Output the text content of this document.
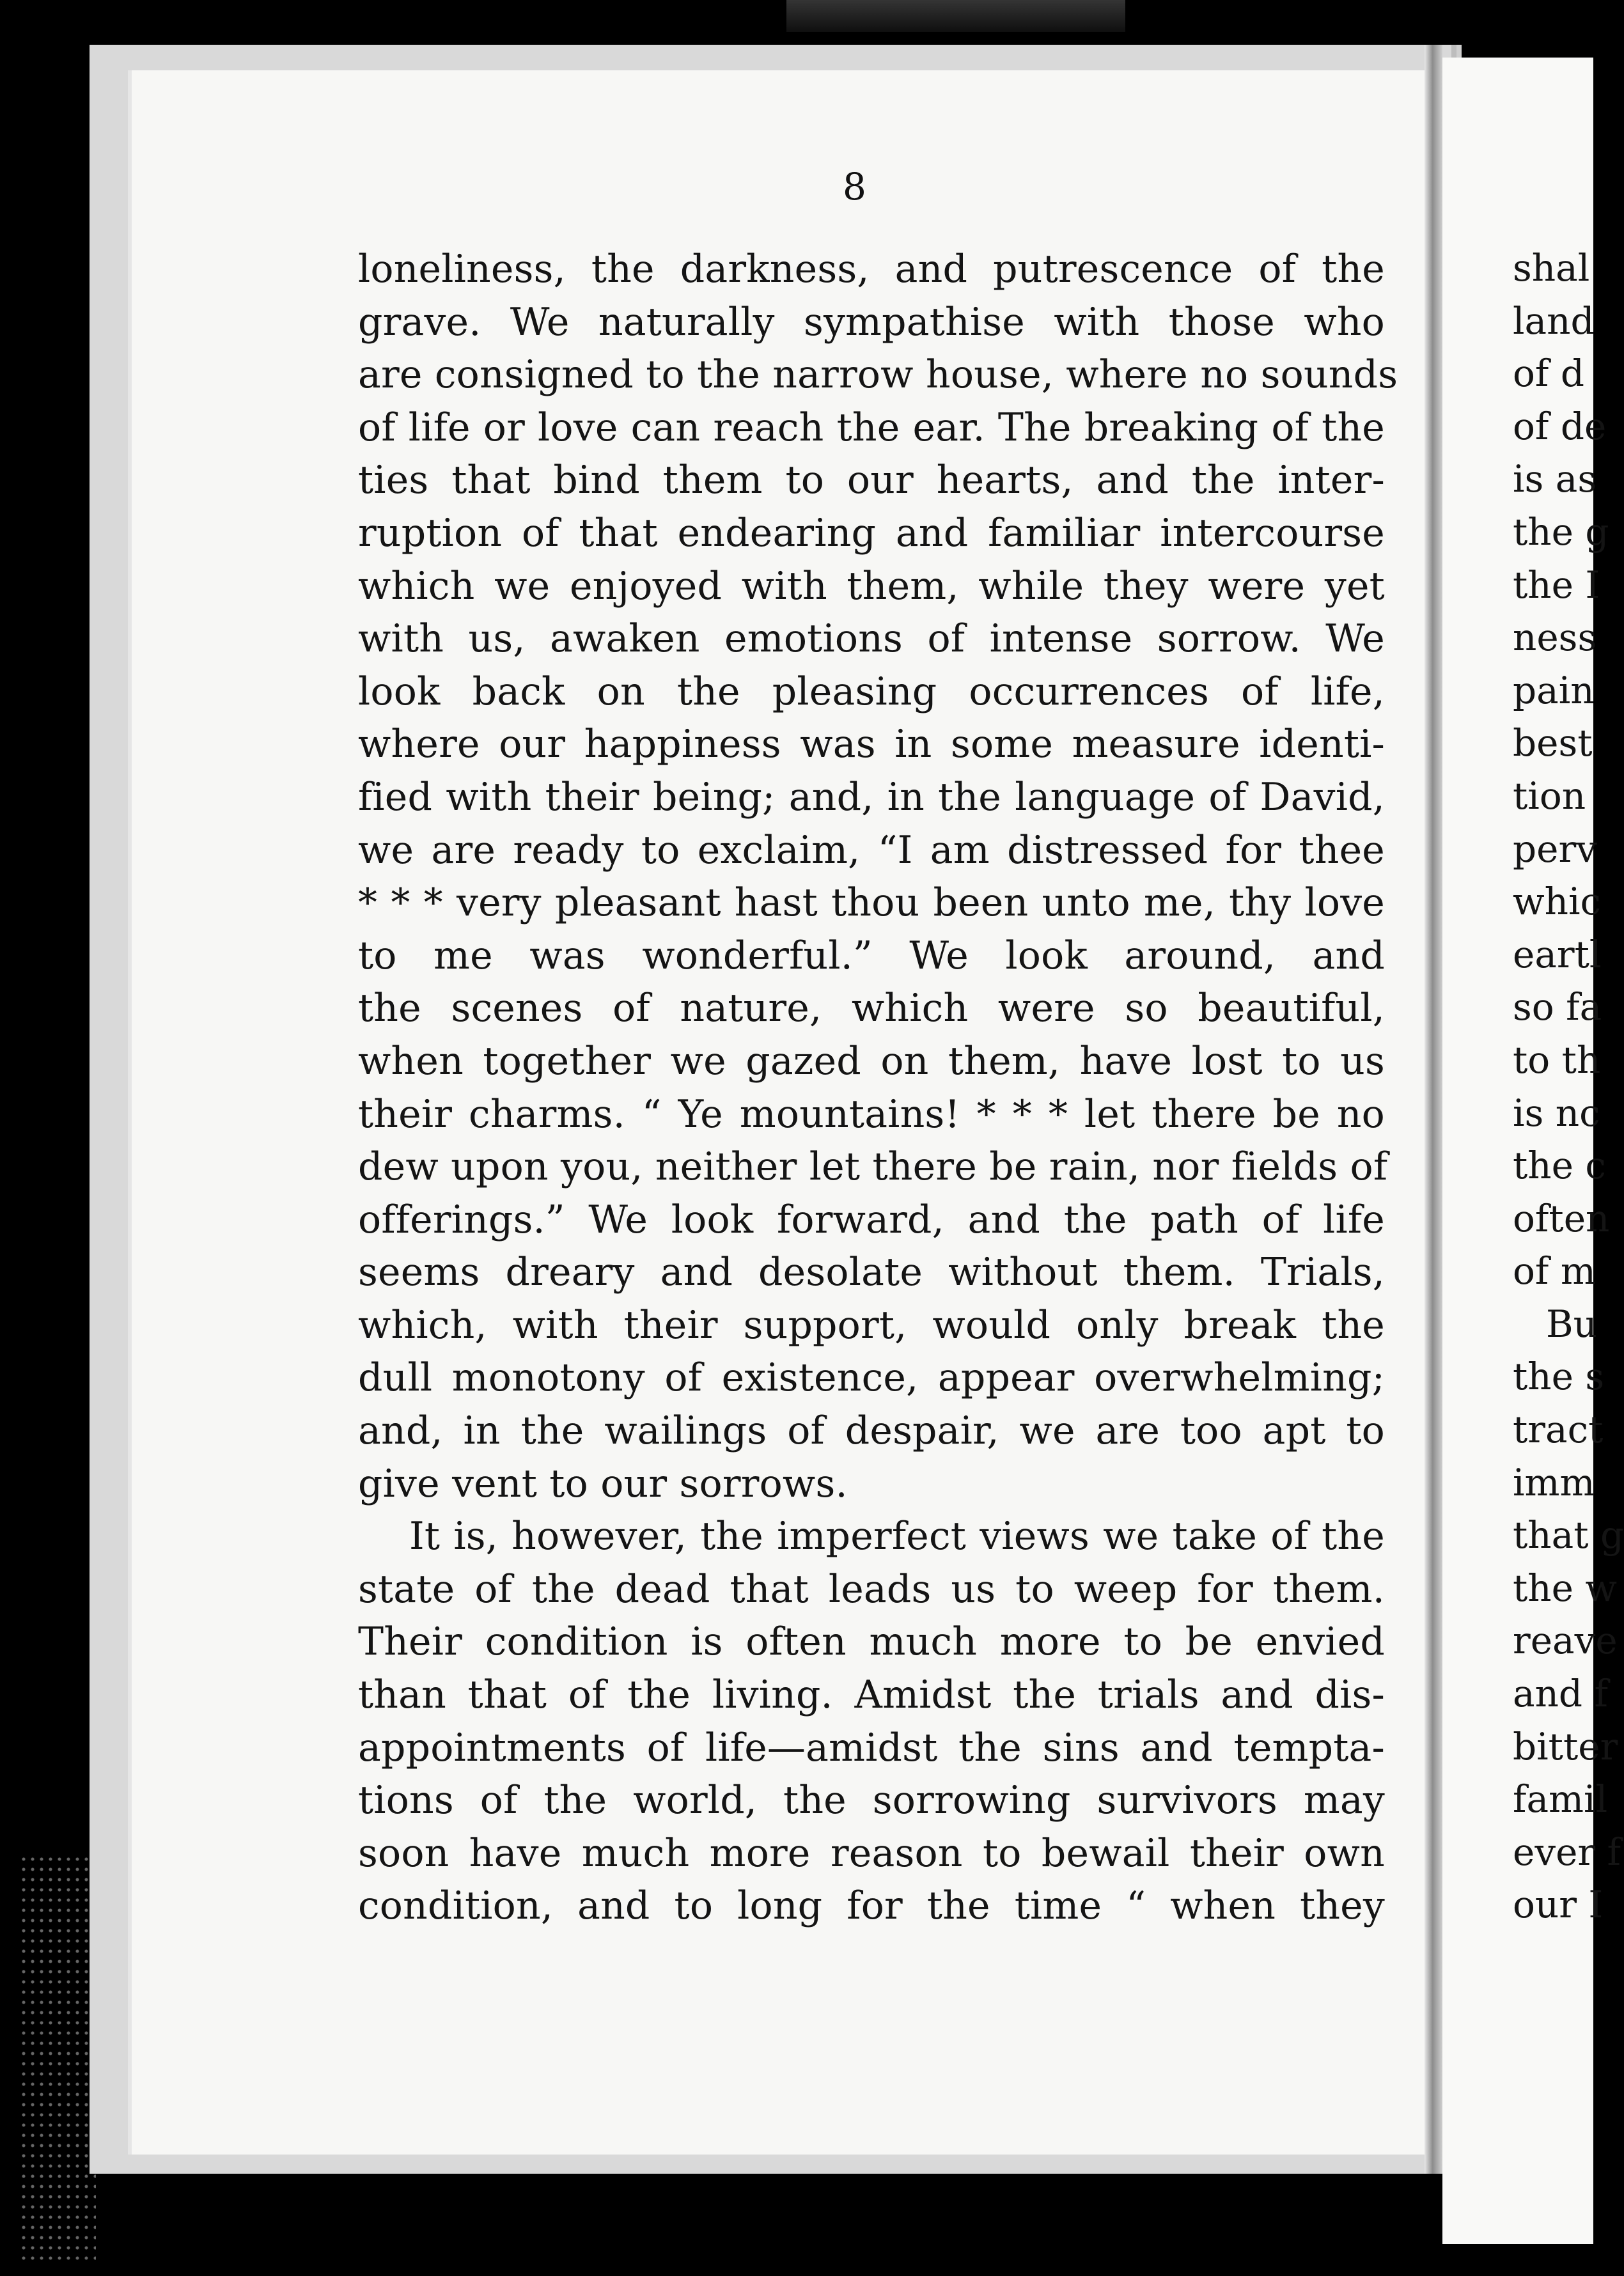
8
loneliness, the darkness, and putrescence of the
grave. We naturally sympathise with those who
are consigned to the narrow house, where no sounds
of life or love can reach the ear. The breaking of the
ties that bind them to our hearts, and the inter-
ruption of that endearing and familiar intercourse
which we enjoyed with them, while they were yet
with us, awaken emotions of intense sorrow. We
look back on the pleasing occurrences of life,
where our happiness was in some measure identi-
fied with their being; and, in the language of David,
we are ready to exclaim, “I am distressed for thee
* * * very pleasant hast thou been unto me, thy love
to me was wonderful.” We look around, and
the scenes of nature, which were so beautiful,
when together we gazed on them, have lost to us
their charms. “ Ye mountains! * * * let there be no
dew upon you, neither let there be rain, nor fields of
offerings.” We look forward, and the path of life
seems dreary and desolate without them. Trials,
which, with their support, would only break the
dull monotony of existence, appear overwhelming;
and, in the wailings of despair, we are too apt to
give vent to our sorrows.
It is, however, the imperfect views we take of the
state of the dead that leads us to weep for them.
Their condition is often much more to be envied
than that of the living. Amidst the trials and dis-
appointments of life—amidst the sins and tempta-
tions of the world, the sorrowing survivors may
soon have much more reason to bewail their own
condition, and to long for the time “ when they
shal
land
of d
of de
is as
the g
the I
ness
pain
best
tion
perv
whic
eartl
so fa
to th
is nc
the c
often
of m
Bu
the s
tract
imm
that g
the w
reave
and f
bitter
famil
ever f
our I
